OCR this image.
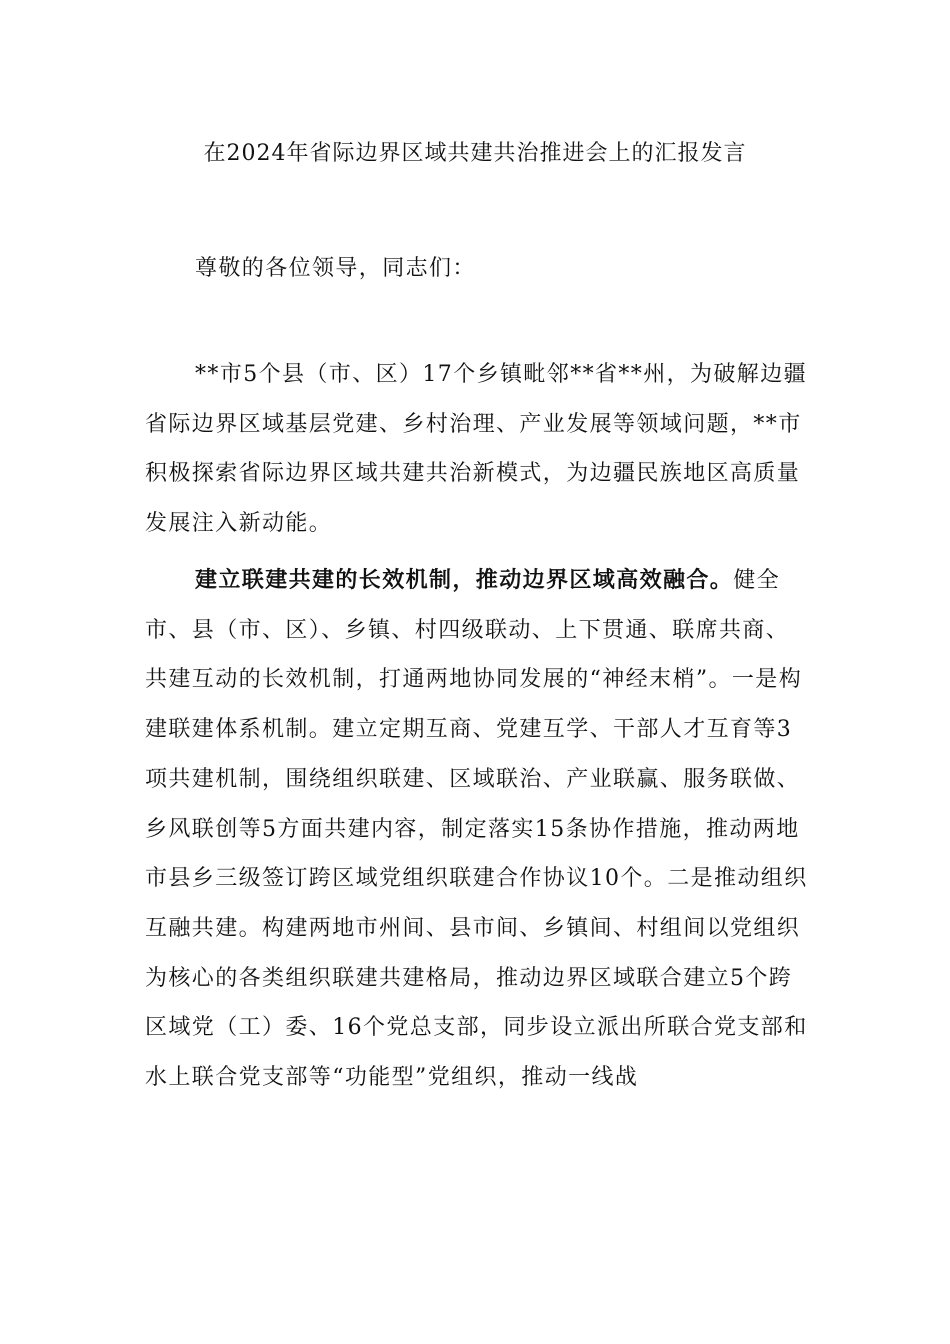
在2024年省际边界区域共建共治推进会上的汇报发言

尊敬的各位领导，同志们：

**市5个县（市、区）17个乡镇毗邻**省**州，为破解边疆省际边界区域基层党建、乡村治理、产业发展等领域问题，**市积极探索省际边界区域共建共治新模式，为边疆民族地区高质量发展注入新动能。

建立联建共建的长效机制，推动边界区域高效融合。健全市、县（市、区）、乡镇、村四级联动、上下贯通、联席共商、共建互动的长效机制，打通两地协同发展的“神经末梢”。一是构建联建体系机制。建立定期互商、党建互学、干部人才互育等3项共建机制，围绕组织联建、区域联治、产业联赢、服务联做、乡风联创等5方面共建内容，制定落实15条协作措施，推动两地市县乡三级签订跨区域党组织联建合作协议10个。二是推动组织互融共建。构建两地市州间、县市间、乡镇间、村组间以党组织为核心的各类组织联建共建格局，推动边界区域联合建立5个跨区域党（工）委、16个党总支部，同步设立派出所联合党支部和水上联合党支部等“功能型”党组织，推动一线战
